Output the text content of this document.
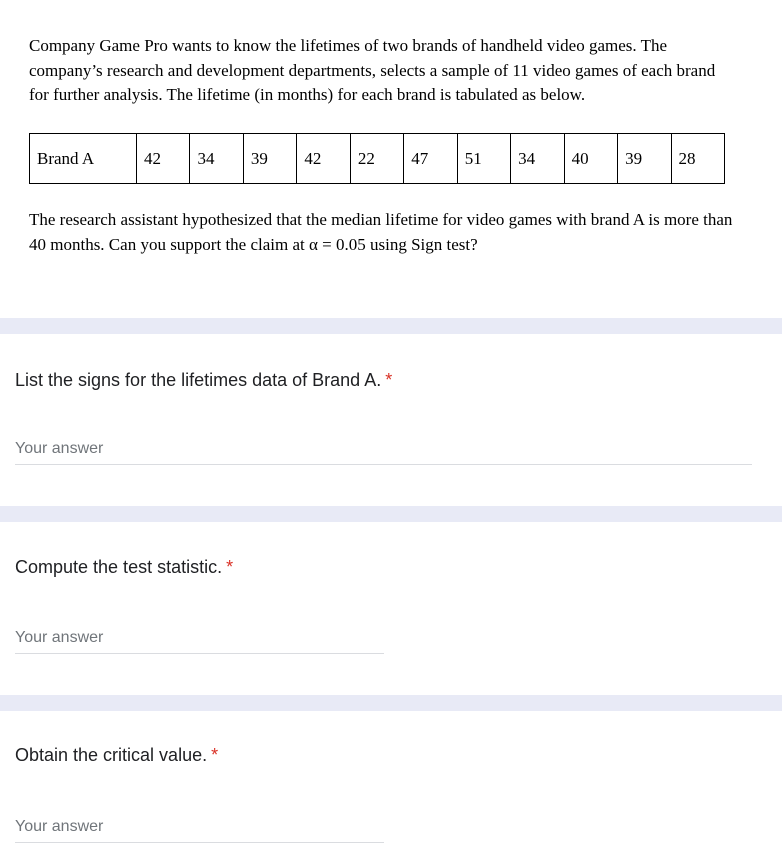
Company Game Pro wants to know the lifetimes of two brands of handheld video games. The company’s research and development departments, selects a sample of 11 video games of each brand for further analysis. The lifetime (in months) for each brand is tabulated as below.

Brand A	42	34	39	42	22	47	51	34	40	39	28

The research assistant hypothesized that the median lifetime for video games with brand A is more than 40 months. Can you support the claim at α = 0.05 using Sign test?

List the signs for the lifetimes data of Brand A. *
Your answer
Compute the test statistic. *
Your answer
Obtain the critical value. *
Your answer
